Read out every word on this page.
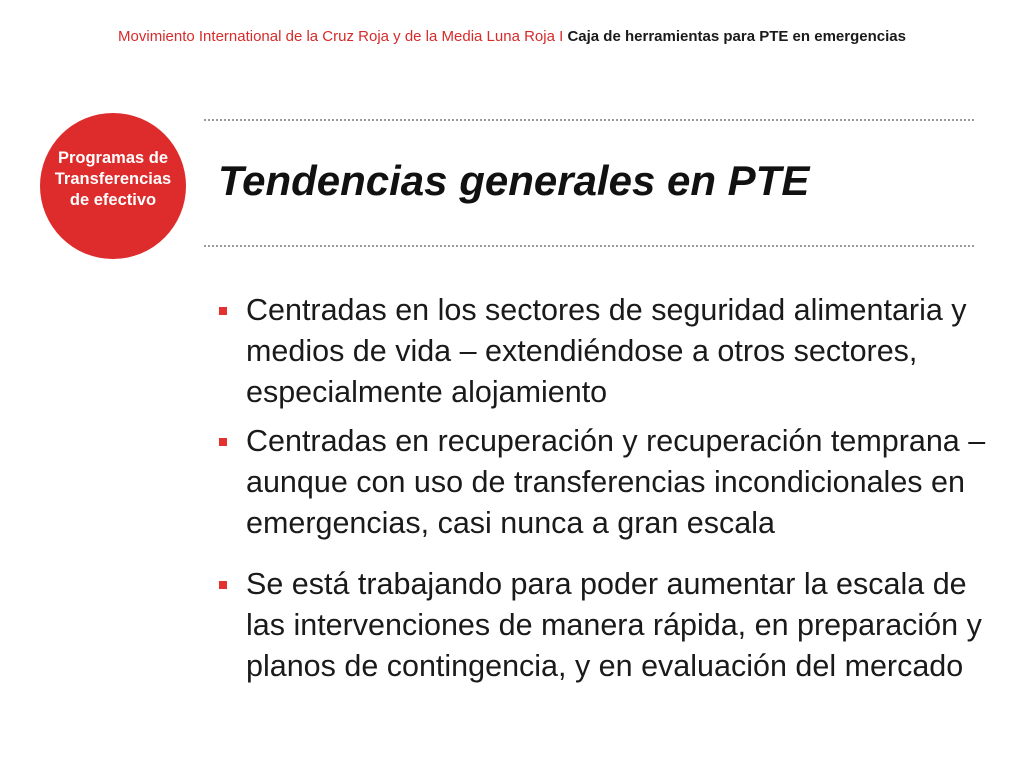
Movimiento International de la Cruz Roja y de la Media Luna Roja I Caja de herramientas para PTE en emergencias
Programas de
Transferencias
de efectivo	Tendencias generales en PTE
Centradas en los sectores de seguridad alimentaria y medios de vida – extendiéndose a otros sectores, especialmente alojamiento
Centradas en recuperación y recuperación temprana – aunque con uso de transferencias incondicionales en emergencias, casi nunca a gran escala
Se está trabajando para poder aumentar la escala de las intervenciones de manera rápida, en preparación y planos de contingencia, y en evaluación del mercado
